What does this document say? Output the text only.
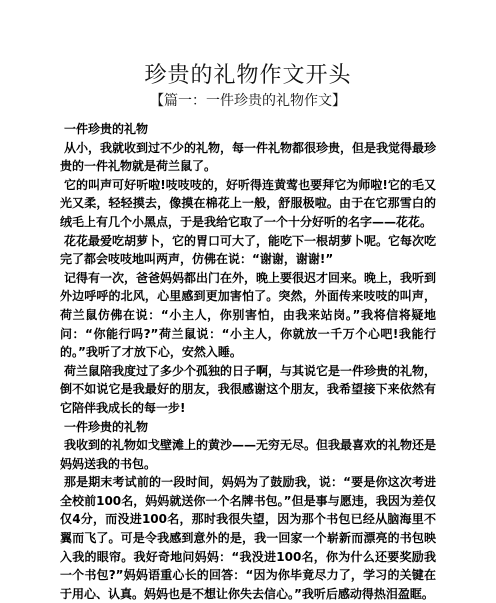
珍贵的礼物作文开头
【篇一：一件珍贵的礼物作文】

一件珍贵的礼物

从小，我就收到过不少的礼物，每一件礼物都很珍贵，但是我觉得最珍贵的一件礼物就是荷兰鼠了。

它的叫声可好听啦!吱吱吱的，好听得连黄莺也要拜它为师啦!它的毛又光又柔，轻轻摸去，像摸在棉花上一般，舒服极啦。由于在它那雪白的绒毛上有几个小黑点，于是我给它取了一个十分好听的名字——花花。

花花最爱吃胡萝卜，它的胃口可大了，能吃下一根胡萝卜呢。它每次吃完了都会吱吱地叫两声，仿佛在说：“谢谢，谢谢!”

记得有一次，爸爸妈妈都出门在外，晚上要很迟才回来。晚上，我听到外边呼呼的北风，心里感到更加害怕了。突然，外面传来吱吱的叫声，荷兰鼠仿佛在说：“小主人，你别害怕，由我来站岗。”我将信将疑地问：“你能行吗?”荷兰鼠说：“小主人，你就放一千万个心吧!我能行的。”我听了才放下心，安然入睡。

荷兰鼠陪我度过了多少个孤独的日子啊，与其说它是一件珍贵的礼物，倒不如说它是我最好的朋友，我很感谢这个朋友，我希望接下来依然有它陪伴我成长的每一步!

一件珍贵的礼物

我收到的礼物如戈壁滩上的黄沙——无穷无尽。但我最喜欢的礼物还是妈妈送我的书包。

那是期末考试前的一段时间，妈妈为了鼓励我，说：“要是你这次考进全校前100名，妈妈就送你一个名牌书包。”但是事与愿违，我因为差仅仅4分，而没进100名，那时我很失望，因为那个书包已经从脑海里不翼而飞了。可是令我感到意外的是，我一回家一个崭新而漂亮的书包映入我的眼帘。我好奇地问妈妈：“我没进100名，你为什么还要奖励我一个书包?”妈妈语重心长的回答：“因为你毕竟尽力了，学习的关键在于用心、认真。妈妈也是不想让你失去信心。”我听后感动得热泪盈眶。
